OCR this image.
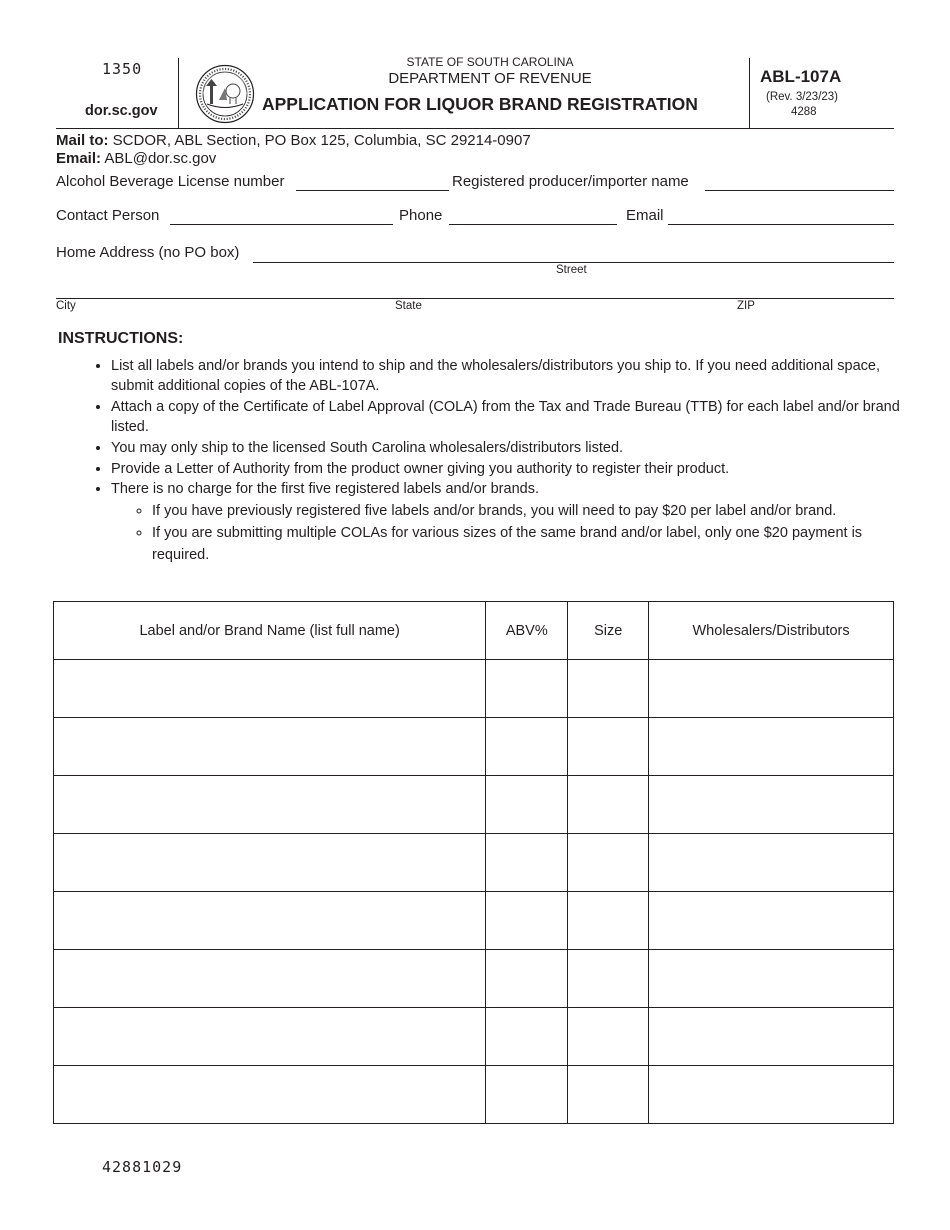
1350
dor.sc.gov
STATE OF SOUTH CAROLINA
DEPARTMENT OF REVENUE
APPLICATION FOR LIQUOR BRAND REGISTRATION
ABL-107A
(Rev. 3/23/23)
4288
Mail to: SCDOR, ABL Section, PO Box 125, Columbia, SC 29214-0907
Email: ABL@dor.sc.gov
Alcohol Beverage License number	Registered producer/importer name
Contact Person	Phone	Email
Home Address (no PO box)
Street
City	State	ZIP
INSTRUCTIONS:
• List all labels and/or brands you intend to ship and the wholesalers/distributors you ship to. If you need additional space, submit additional copies of the ABL-107A.
• Attach a copy of the Certificate of Label Approval (COLA) from the Tax and Trade Bureau (TTB) for each label and/or brand listed.
• You may only ship to the licensed South Carolina wholesalers/distributors listed.
• Provide a Letter of Authority from the product owner giving you authority to register their product.
• There is no charge for the first five registered labels and/or brands.
◦ If you have previously registered five labels and/or brands, you will need to pay $20 per label and/or brand.
◦ If you are submitting multiple COLAs for various sizes of the same brand and/or label, only one $20 payment is required.
Label and/or Brand Name (list full name)	ABV%	Size	Wholesalers/Distributors

42881029
